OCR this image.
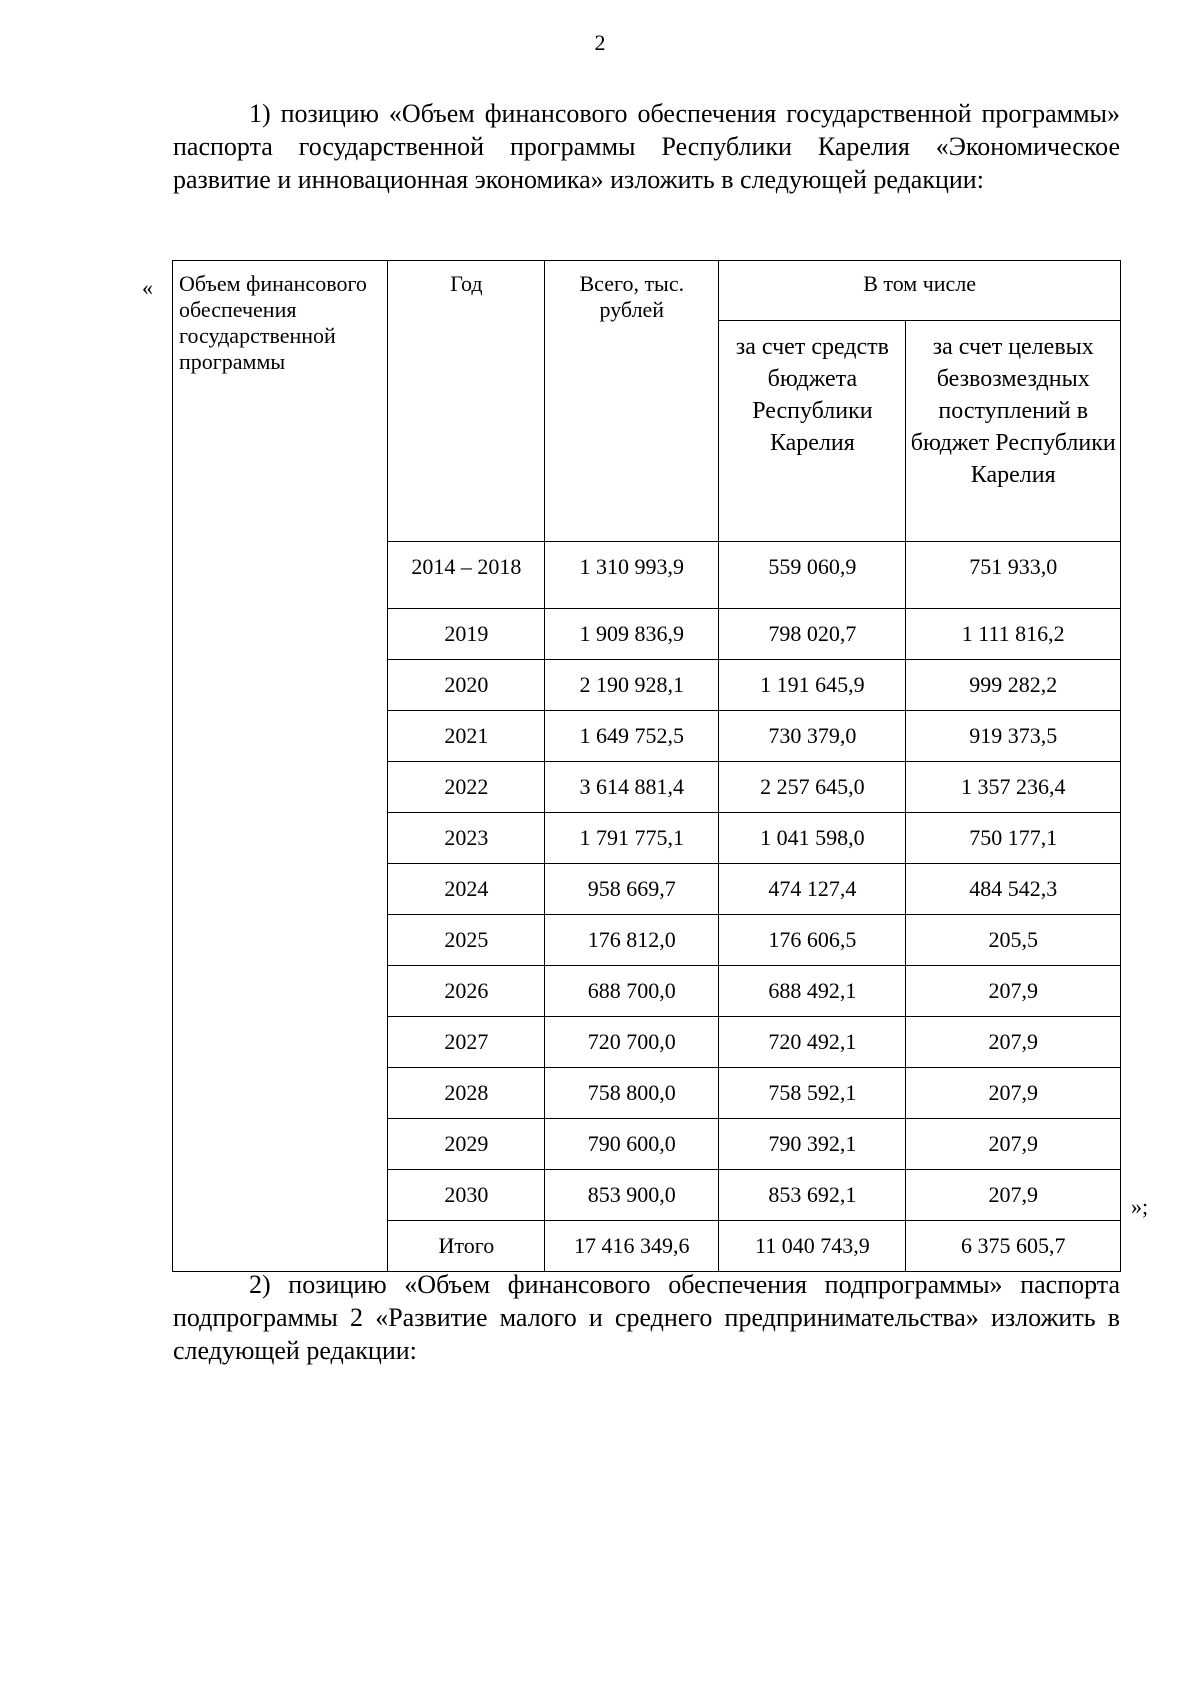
2
1) позицию «Объем финансового обеспечения государственной программы» паспорта государственной программы Республики Карелия «Экономическое развитие и инновационная экономика» изложить в следующей редакции:
« Объем финансового обеспечения государственной программы	Год	Всего, тыс. рублей	В том числе	
			за счет средств бюджета Республики Карелия	за счет целевых безвозмездных поступлений в бюджет Республики Карелия
	2014 – 2018	1 310 993,9	559 060,9	751 933,0
	2019	1 909 836,9	798 020,7	1 111 816,2
	2020	2 190 928,1	1 191 645,9	999 282,2
	2021	1 649 752,5	730 379,0	919 373,5
	2022	3 614 881,4	2 257 645,0	1 357 236,4
	2023	1 791 775,1	1 041 598,0	750 177,1
	2024	958 669,7	474 127,4	484 542,3
	2025	176 812,0	176 606,5	205,5
	2026	688 700,0	688 492,1	207,9
	2027	720 700,0	720 492,1	207,9
	2028	758 800,0	758 592,1	207,9
	2029	790 600,0	790 392,1	207,9
	2030	853 900,0	853 692,1	207,9
	Итого	17 416 349,6	11 040 743,9	6 375 605,7
»;
2) позицию «Объем финансового обеспечения подпрограммы» паспорта подпрограммы 2 «Развитие малого и среднего предпринимательства» изложить в следующей редакции:
